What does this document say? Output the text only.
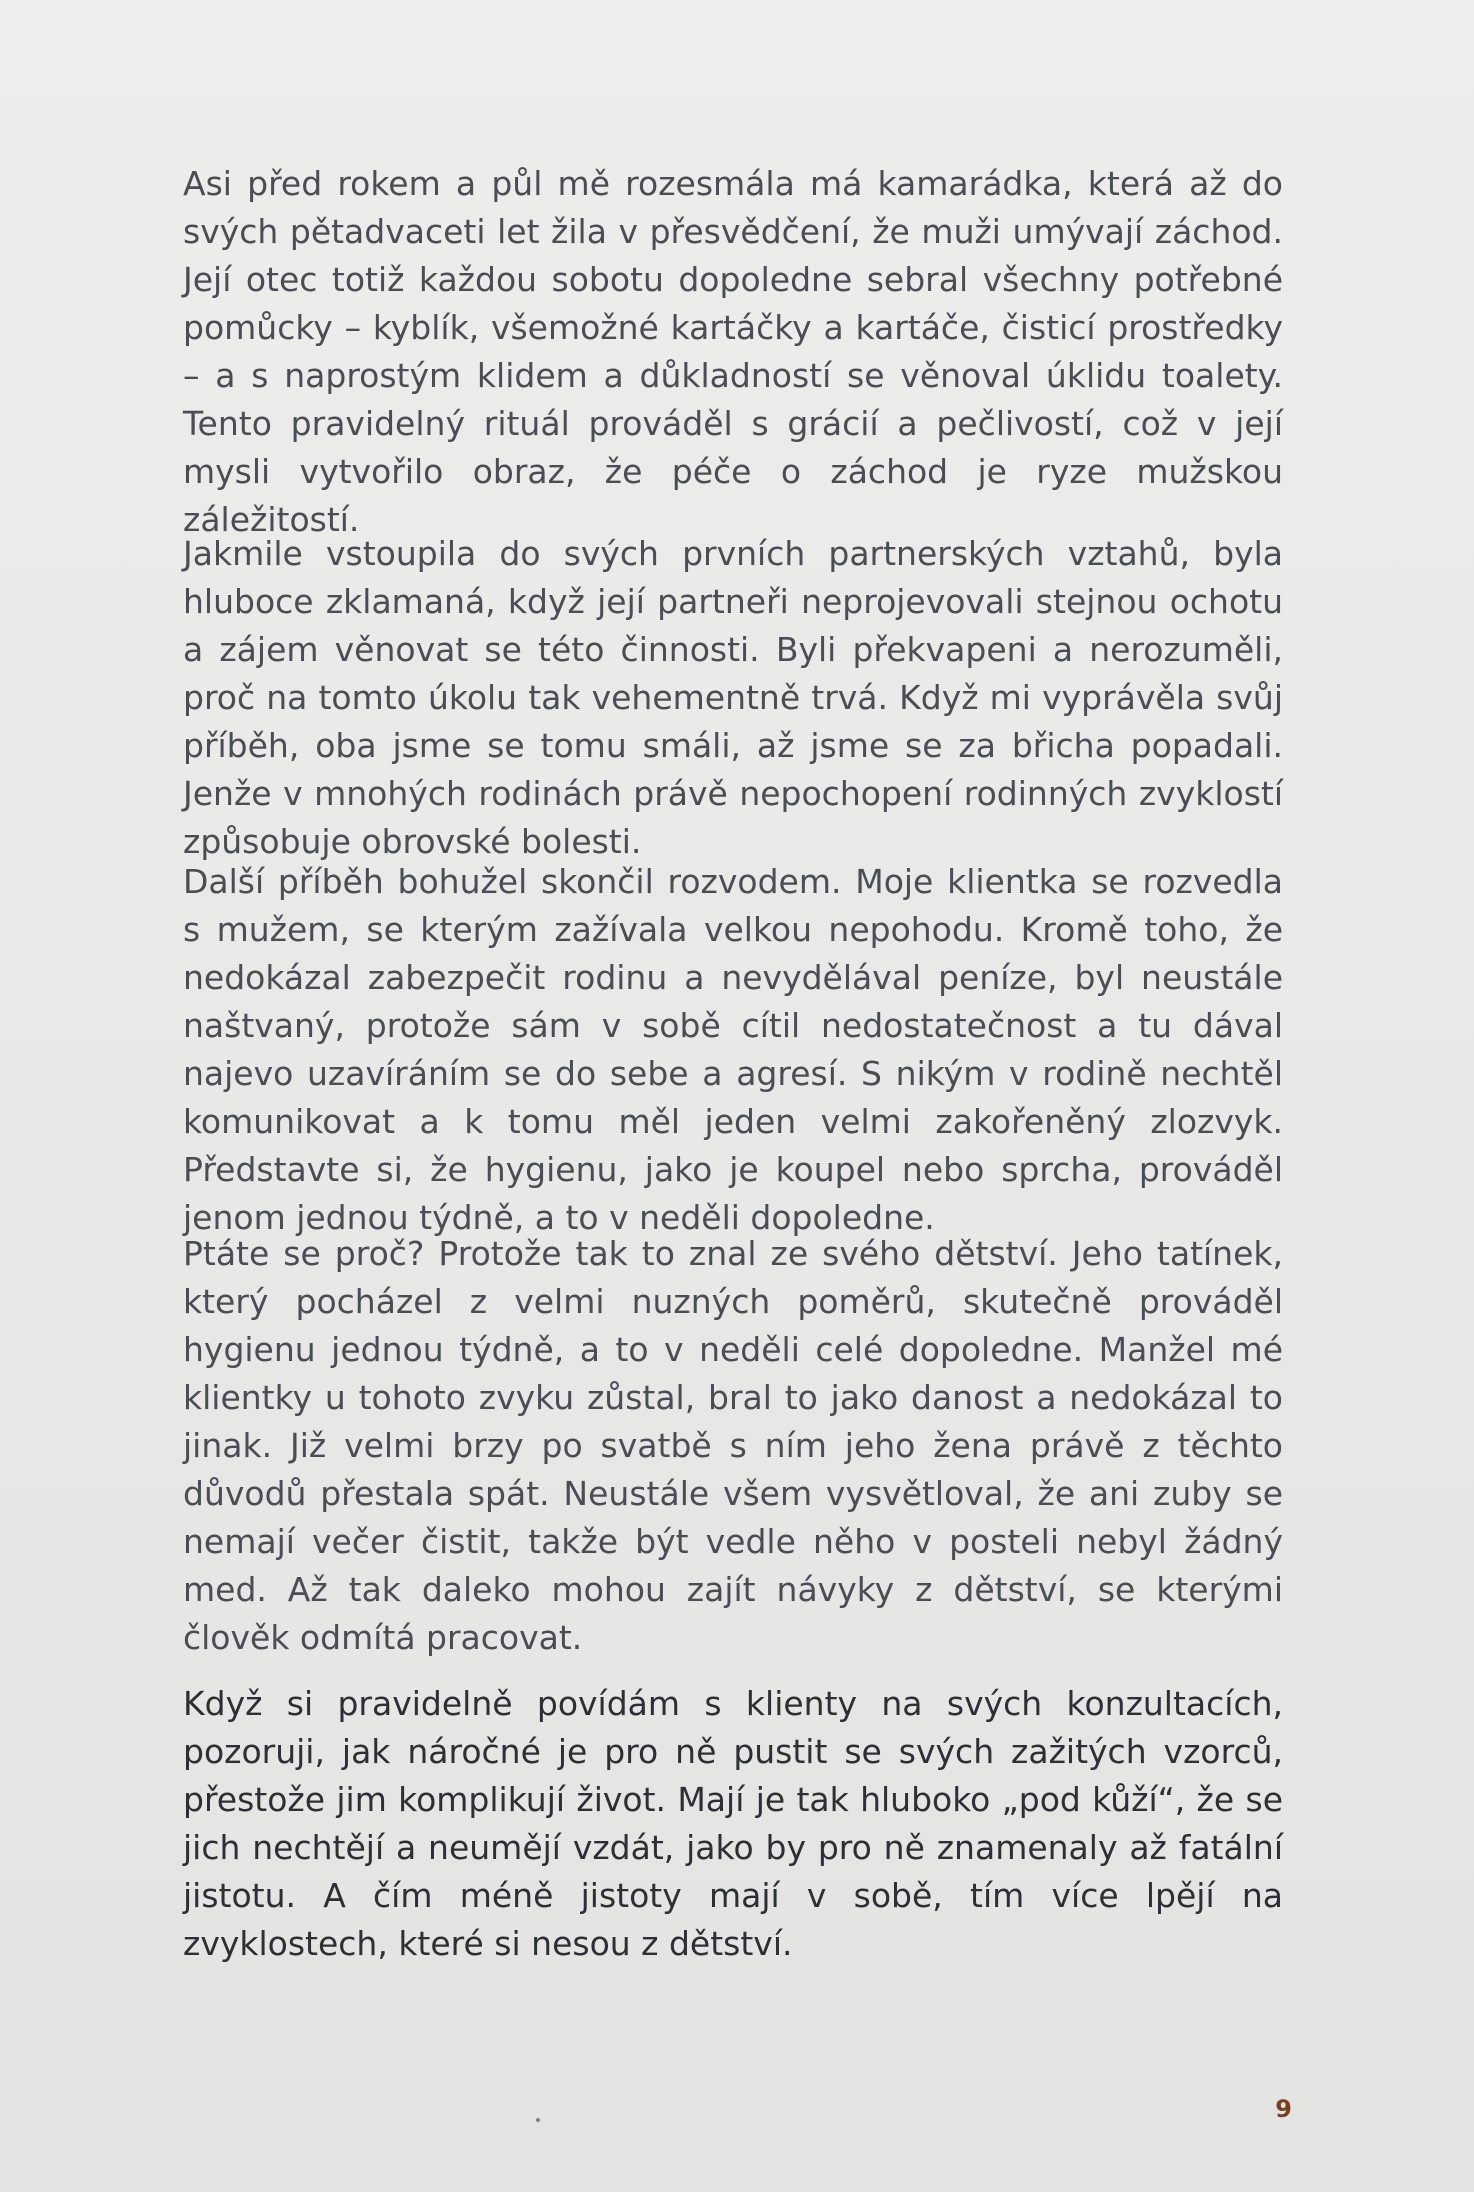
Asi před rokem a půl mě rozesmála má kamarádka, která až do svých pětadvaceti let žila v přesvědčení, že muži umývají záchod. Její otec totiž každou sobotu dopoledne sebral všechny potřebné pomůcky – kyblík, všemožné kartáčky a kartáče, čisticí prostředky – a s naprostým klidem a důkladností se věnoval úklidu toalety. Tento pravidelný rituál prováděl s grácií a pečlivostí, což v její mysli vytvořilo obraz, že péče o záchod je ryze mužskou záležitostí.

Jakmile vstoupila do svých prvních partnerských vztahů, byla hluboce zklamaná, když její partneři neprojevovali stejnou ochotu a zájem věnovat se této činnosti. Byli překvapeni a nerozuměli, proč na tomto úkolu tak vehementně trvá. Když mi vyprávěla svůj příběh, oba jsme se tomu smáli, až jsme se za břicha popadali. Jenže v mnohých rodinách právě nepochopení rodinných zvyklostí způsobuje obrovské bolesti.

Další příběh bohužel skončil rozvodem. Moje klientka se rozvedla s mužem, se kterým zažívala velkou nepohodu. Kromě toho, že nedokázal zabezpečit rodinu a nevydělával peníze, byl neustále naštvaný, protože sám v sobě cítil nedostatečnost a tu dával najevo uzavíráním se do sebe a agresí. S nikým v rodině nechtěl komunikovat a k tomu měl jeden velmi zakořeněný zlozvyk. Představte si, že hygienu, jako je koupel nebo sprcha, prováděl jenom jednou týdně, a to v neděli dopoledne.

Ptáte se proč? Protože tak to znal ze svého dětství. Jeho tatínek, který pocházel z velmi nuzných poměrů, skutečně prováděl hygienu jednou týdně, a to v neděli celé dopoledne. Manžel mé klientky u tohoto zvyku zůstal, bral to jako danost a nedokázal to jinak. Již velmi brzy po svatbě s ním jeho žena právě z těchto důvodů přestala spát. Neustále všem vysvětloval, že ani zuby se nemají večer čistit, takže být vedle něho v posteli nebyl žádný med. Až tak daleko mohou zajít návyky z dětství, se kterými člověk odmítá pracovat.

Když si pravidelně povídám s klienty na svých konzultacích, pozoruji, jak náročné je pro ně pustit se svých zažitých vzorců, přestože jim komplikují život. Mají je tak hluboko „pod kůží“, že se jich nechtějí a neumějí vzdát, jako by pro ně znamenaly až fatální jistotu. A čím méně jistoty mají v sobě, tím více lpějí na zvyklostech, které si nesou z dětství.

9
